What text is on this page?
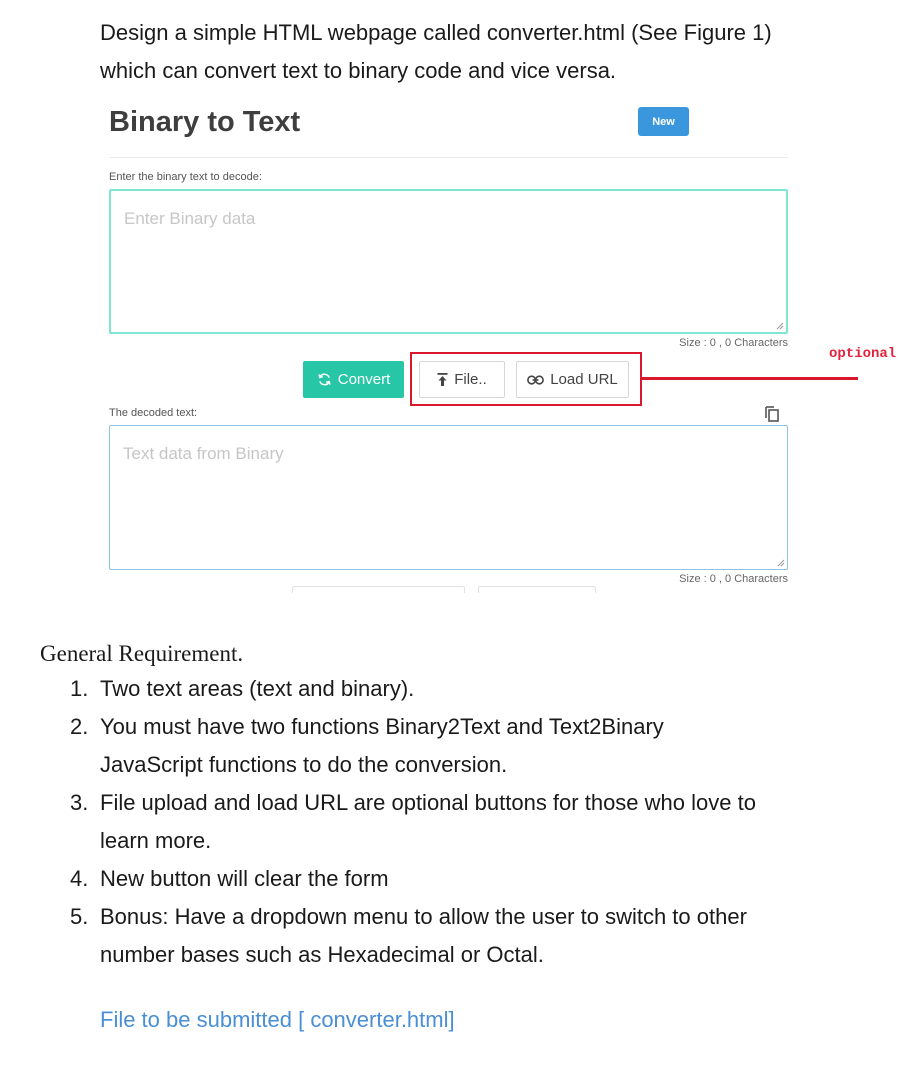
Design a simple HTML webpage called converter.html (See Figure 1)
which can convert text to binary code and vice versa.
Binary to Text	New
Enter the binary text to decode:
Enter Binary data
Size : 0 , 0 Characters
Convert	File..	Load URL
optional
The decoded text:
Text data from Binary
Size : 0 , 0 Characters
General Requirement.
1. Two text areas (text and binary).
2. You must have two functions Binary2Text and Text2Binary
JavaScript functions to do the conversion.
3. File upload and load URL are optional buttons for those who love to
learn more.
4. New button will clear the form
5. Bonus: Have a dropdown menu to allow the user to switch to other
number bases such as Hexadecimal or Octal.
File to be submitted [ converter.html]
